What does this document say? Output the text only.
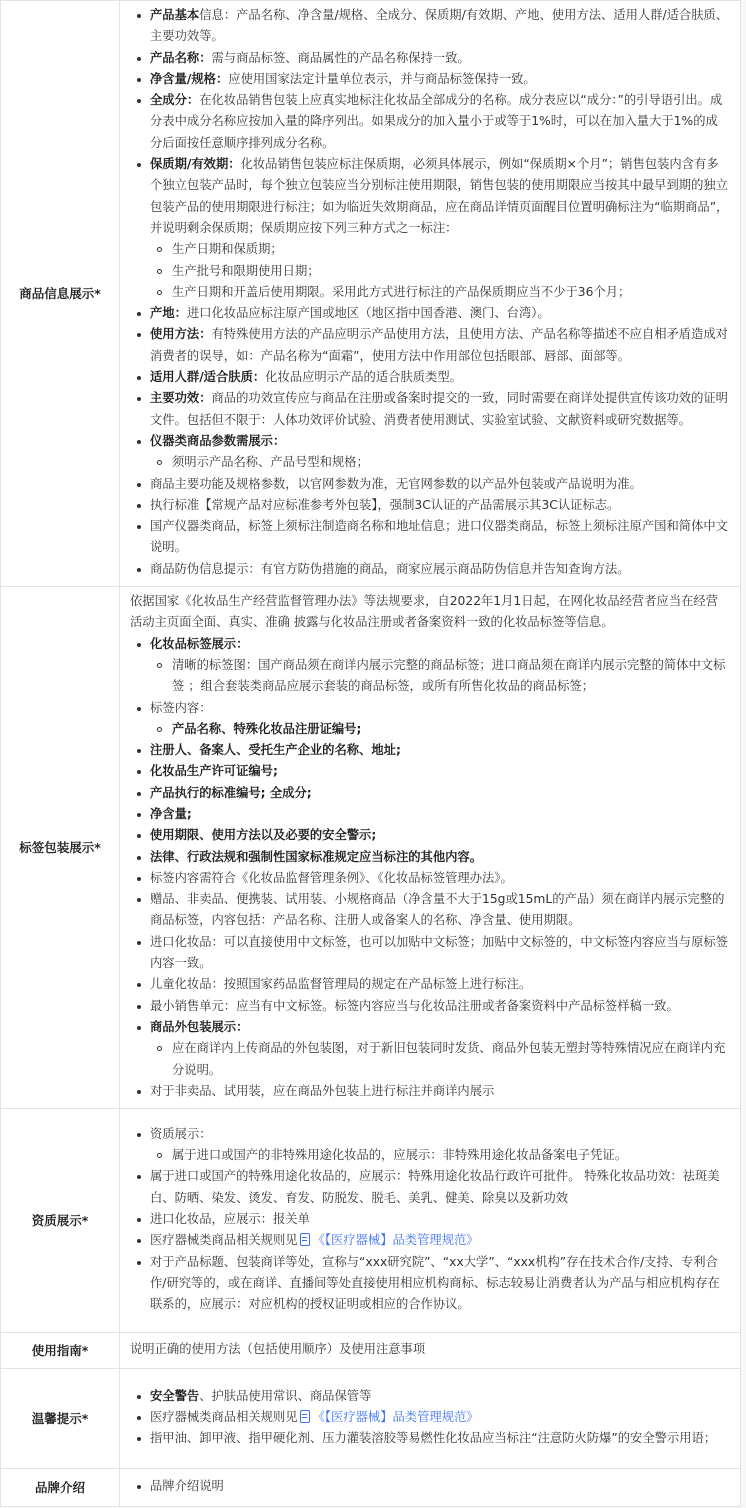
商品信息展示*	
产品基本信息：产品名称、净含量/规格、全成分、保质期/有效期、产地、使用方法、适用人群/适合肤质、主要功效等。
产品名称：需与商品标签、商品属性的产品名称保持一致。
净含量/规格：应使用国家法定计量单位表示，并与商品标签保持一致。
全成分：在化妆品销售包装上应真实地标注化妆品全部成分的名称。成分表应以“成分：”的引导语引出。成分表中成分名称应按加入量的降序列出。如果成分的加入量小于或等于1%时，可以在加入量大于1%的成分后面按任意顺序排列成分名称。
保质期/有效期：化妆品销售包装应标注保质期，必须具体展示，例如“保质期×个月”；销售包装内含有多个独立包装产品时，每个独立包装应当分别标注使用期限，销售包装的使用期限应当按其中最早到期的独立包装产品的使用期限进行标注；如为临近失效期商品，应在商品详情页面醒目位置明确标注为“临期商品”，并说明剩余保质期；保质期应按下列三种方式之一标注：
生产日期和保质期；
生产批号和限期使用日期；
生产日期和开盖后使用期限。采用此方式进行标注的产品保质期应当不少于36个月；
产地：进口化妆品应标注原产国或地区（地区指中国香港、澳门、台湾）。
使用方法：有特殊使用方法的产品应明示产品使用方法，且使用方法、产品名称等描述不应自相矛盾造成对消费者的误导，如：产品名称为“面霜”，使用方法中作用部位包括眼部、唇部、面部等。
适用人群/适合肤质：化妆品应明示产品的适合肤质类型。
主要功效：商品的功效宣传应与商品在注册或备案时提交的一致，同时需要在商详处提供宣传该功效的证明文件。包括但不限于：人体功效评价试验、消费者使用测试、实验室试验、文献资料或研究数据等。
仪器类商品参数需展示：
须明示产品名称、产品号型和规格；
商品主要功能及规格参数，以官网参数为准，无官网参数的以产品外包装或产品说明为准。
执行标准【常规产品对应标准参考外包装】，强制3C认证的产品需展示其3C认证标志。
国产仪器类商品，标签上须标注制造商名称和地址信息；进口仪器类商品，标签上须标注原产国和简体中文说明。
商品防伪信息提示：有官方防伪措施的商品，商家应展示商品防伪信息并告知查询方法。

标签包装展示*	

依据国家《化妆品生产经营监督管理办法》等法规要求，自2022年1月1日起，在网化妆品经营者应当在经营活动主页面全面、真实、准确 披露与化妆品注册或者备案资料一致的化妆品标签等信息。

化妆品标签展示：
清晰的标签图：国产商品须在商详内展示完整的商品标签；进口商品须在商详内展示完整的简体中文标签 ；组合套装类商品应展示套装的商品标签，或所有所售化妆品的商品标签；
标签内容：
产品名称、特殊化妆品注册证编号;
注册人、备案人、受托生产企业的名称、地址;
化妆品生产许可证编号;
产品执行的标准编号; 全成分;
净含量;
使用期限、使用方法以及必要的安全警示;
法律、行政法规和强制性国家标准规定应当标注的其他内容。
标签内容需符合《化妆品监督管理条例》、《化妆品标签管理办法》。
赠品、非卖品、便携装、试用装、小规格商品（净含量不大于15g或15mL的产品）须在商详内展示完整的商品标签，内容包括：产品名称、注册人或备案人的名称、净含量、使用期限。
进口化妆品：可以直接使用中文标签，也可以加贴中文标签；加贴中文标签的，中文标签内容应当与原标签内容一致。
儿童化妆品：按照国家药品监督管理局的规定在产品标签上进行标注。
最小销售单元：应当有中文标签。标签内容应当与化妆品注册或者备案资料中产品标签样稿一致。
商品外包装展示：
应在商详内上传商品的外包装图，对于新旧包装同时发货、商品外包装无塑封等特殊情况应在商详内充分说明。
对于非卖品、试用装，应在商品外包装上进行标注并商详内展示

资质展示*	
资质展示：
属于进口或国产的非特殊用途化妆品的，应展示：非特殊用途化妆品备案电子凭证。
属于进口或国产的特殊用途化妆品的，应展示：特殊用途化妆品行政许可批件。 特殊化妆品功效：祛斑美白、防晒、染发、烫发、育发、防脱发、脱毛、美乳、健美、除臭以及新功效
进口化妆品，应展示：报关单
医疗器械类商品相关规则见 《【医疗器械】品类管理规范》
对于产品标题、包装商详等处，宣称与“xxx研究院”、“xx大学”、“xxx机构”存在技术合作/支持、专利合作/研究等的，或在商详、直播间等处直接使用相应机构商标、标志较易让消费者认为产品与相应机构存在联系的，应展示：对应机构的授权证明或相应的合作协议。

使用指南*	说明正确的使用方法（包括使用顺序）及使用注意事项

温馨提示*	
安全警告、护肤品使用常识、商品保管等
医疗器械类商品相关规则见 《【医疗器械】品类管理规范》
指甲油、卸甲液、指甲硬化剂、压力灌装溶胶等易燃性化妆品应当标注“注意防火防爆”的安全警示用语；

品牌介绍	品牌介绍说明
